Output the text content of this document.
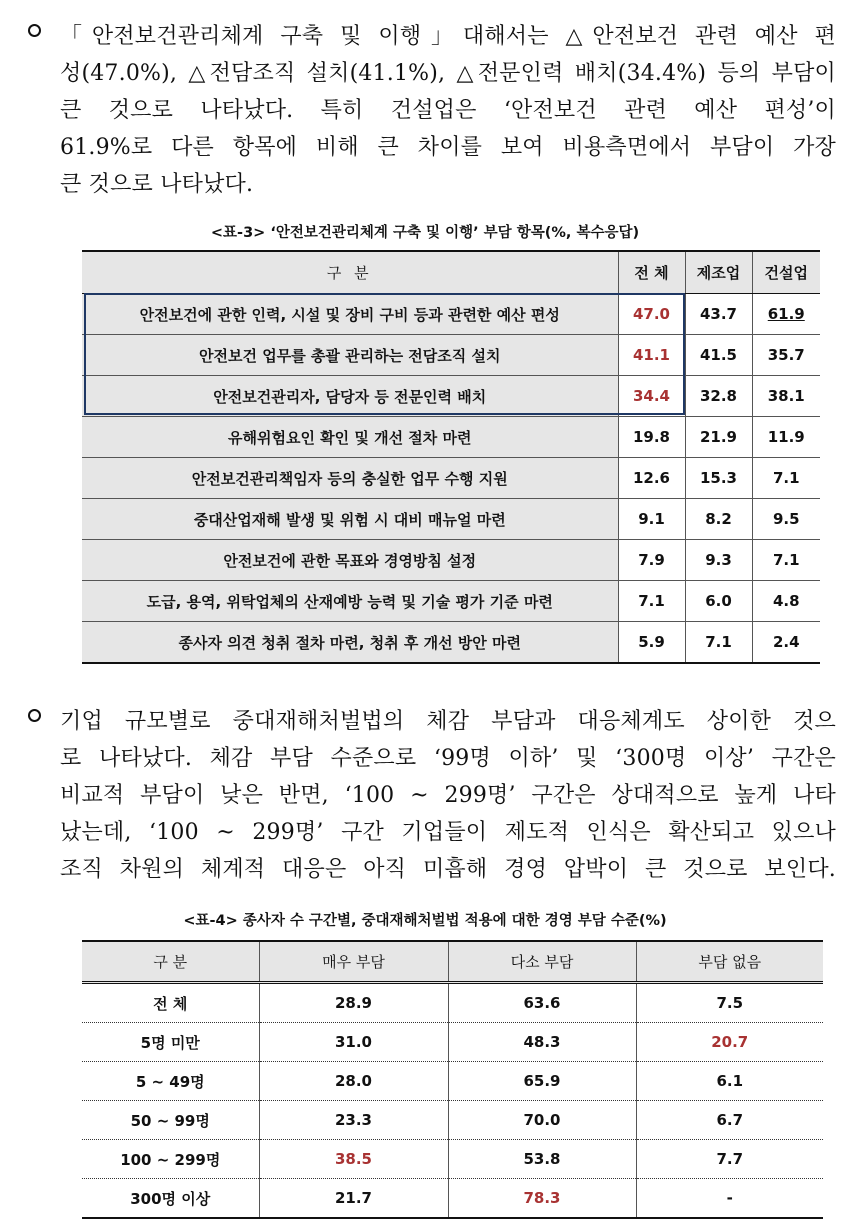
「안전보건관리체계 구축 및 이행」대해서는 △안전보건 관련 예산 편
성(47.0%), △전담조직 설치(41.1%), △전문인력 배치(34.4%) 등의 부담이
큰 것으로 나타났다. 특히 건설업은 ‘안전보건 관련 예산 편성’이
61.9%로 다른 항목에 비해 큰 차이를 보여 비용측면에서 부담이 가장
큰 것으로 나타났다.
<표-3> ‘안전보건관리체계 구축 및 이행’ 부담 항목(%, 복수응답)
구 분	전 체	제조업	건설업
안전보건에 관한 인력, 시설 및 장비 구비 등과 관련한 예산 편성	47.0	43.7	61.9
안전보건 업무를 총괄 관리하는 전담조직 설치	41.1	41.5	35.7
안전보건관리자, 담당자 등 전문인력 배치	34.4	32.8	38.1
유해위험요인 확인 및 개선 절차 마련	19.8	21.9	11.9
안전보건관리책임자 등의 충실한 업무 수행 지원	12.6	15.3	7.1
중대산업재해 발생 및 위험 시 대비 매뉴얼 마련	9.1	8.2	9.5
안전보건에 관한 목표와 경영방침 설정	7.9	9.3	7.1
도급, 용역, 위탁업체의 산재예방 능력 및 기술 평가 기준 마련	7.1	6.0	4.8
종사자 의견 청취 절차 마련, 청취 후 개선 방안 마련	5.9	7.1	2.4
기업 규모별로 중대재해처벌법의 체감 부담과 대응체계도 상이한 것으
로 나타났다. 체감 부담 수준으로 ‘99명 이하’ 및 ‘300명 이상’ 구간은
비교적 부담이 낮은 반면, ‘100 ~ 299명’ 구간은 상대적으로 높게 나타
났는데, ‘100 ~ 299명’ 구간 기업들이 제도적 인식은 확산되고 있으나
조직 차원의 체계적 대응은 아직 미흡해 경영 압박이 큰 것으로 보인다.
<표-4> 종사자 수 구간별, 중대재해처벌법 적용에 대한 경영 부담 수준(%)
구 분	매우 부담	다소 부담	부담 없음
전 체	28.9	63.6	7.5
5명 미만	31.0	48.3	20.7
5 ~ 49명	28.0	65.9	6.1
50 ~ 99명	23.3	70.0	6.7
100 ~ 299명	38.5	53.8	7.7
300명 이상	21.7	78.3	-
